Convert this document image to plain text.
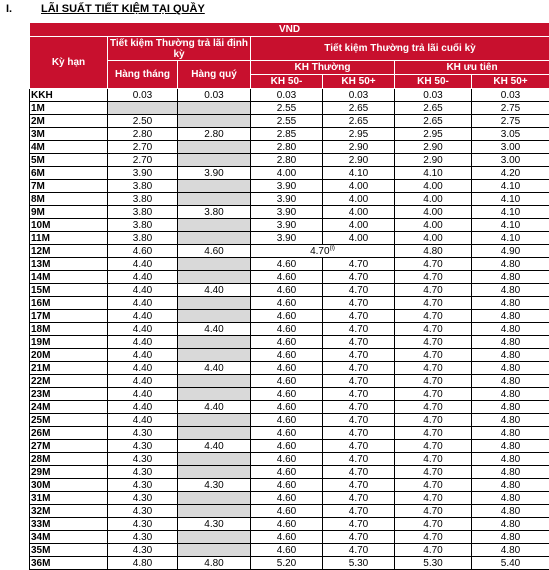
I.	LÃI SUẤT TIẾT KIỆM TẠI QUẦY
VND						
Kỳ hạn	Tiết kiệm Thường trả lãi định kỳ		Tiết kiệm Thường trả lãi cuối kỳ			
	Hàng tháng	Hàng quý	KH Thường		KH ưu tiên	
			KH 50-	KH 50+	KH 50-	KH 50+
KKH	0.03	0.03	0.03	0.03	0.03	0.03
1M			2.55	2.65	2.65	2.75
2M	2.50		2.55	2.65	2.65	2.75
3M	2.80	2.80	2.85	2.95	2.95	3.05
4M	2.70		2.80	2.90	2.90	3.00
5M	2.70		2.80	2.90	2.90	3.00
6M	3.90	3.90	4.00	4.10	4.10	4.20
7M	3.80		3.90	4.00	4.00	4.10
8M	3.80		3.90	4.00	4.00	4.10
9M	3.80	3.80	3.90	4.00	4.00	4.10
10M	3.80		3.90	4.00	4.00	4.10
11M	3.80		3.90	4.00	4.00	4.10
12M	4.60	4.60	4.70$^{(i)}$		4.80	4.90
13M	4.40		4.60	4.70	4.70	4.80
14M	4.40		4.60	4.70	4.70	4.80
15M	4.40	4.40	4.60	4.70	4.70	4.80
16M	4.40		4.60	4.70	4.70	4.80
17M	4.40		4.60	4.70	4.70	4.80
18M	4.40	4.40	4.60	4.70	4.70	4.80
19M	4.40		4.60	4.70	4.70	4.80
20M	4.40		4.60	4.70	4.70	4.80
21M	4.40	4.40	4.60	4.70	4.70	4.80
22M	4.40		4.60	4.70	4.70	4.80
23M	4.40		4.60	4.70	4.70	4.80
24M	4.40	4.40	4.60	4.70	4.70	4.80
25M	4.40		4.60	4.70	4.70	4.80
26M	4.30		4.60	4.70	4.70	4.80
27M	4.30	4.40	4.60	4.70	4.70	4.80
28M	4.30		4.60	4.70	4.70	4.80
29M	4.30		4.60	4.70	4.70	4.80
30M	4.30	4.30	4.60	4.70	4.70	4.80
31M	4.30		4.60	4.70	4.70	4.80
32M	4.30		4.60	4.70	4.70	4.80
33M	4.30	4.30	4.60	4.70	4.70	4.80
34M	4.30		4.60	4.70	4.70	4.80
35M	4.30		4.60	4.70	4.70	4.80
36M	4.80	4.80	5.20	5.30	5.30	5.40
